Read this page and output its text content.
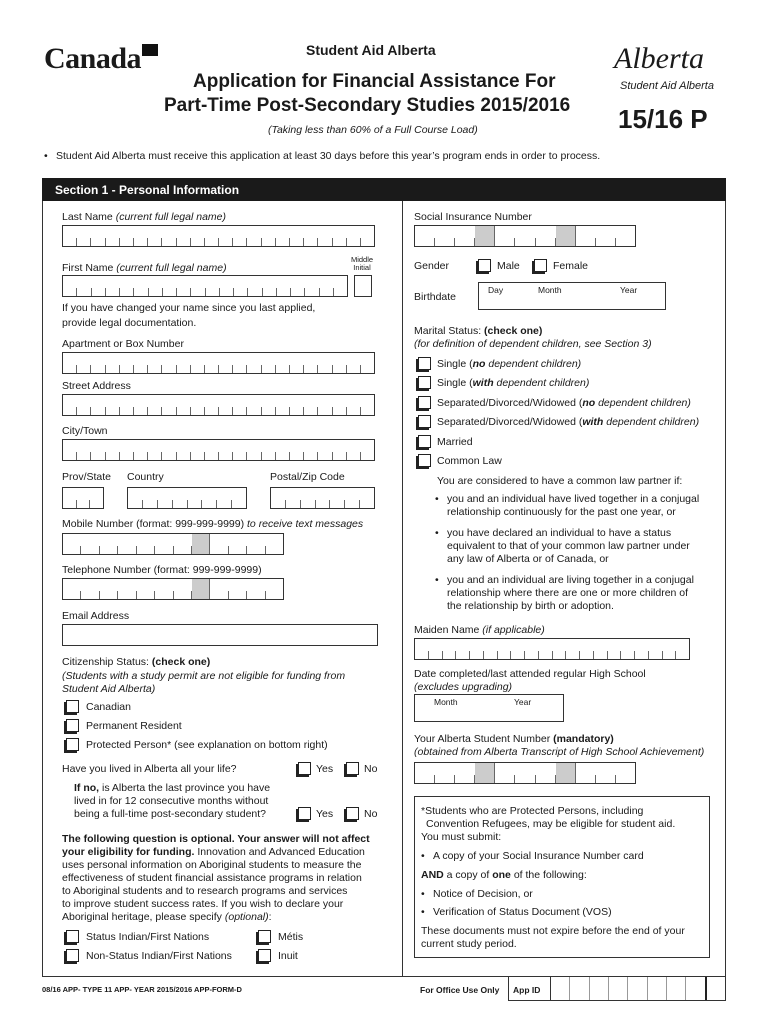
Canada	Student Aid Alberta
Application for Financial Assistance For
Part-Time Post-Secondary Studies 2015/2016
(Taking less than 60% of a Full Course Load)
Alberta
Student Aid Alberta
15/16 P
• Student Aid Alberta must receive this application at least 30 days before this year’s program ends in order to process.
Section 1 - Personal Information
Last Name (current full legal name)
First Name (current full legal name)
Middle
Initial
If you have changed your name since you last applied,
provide legal documentation.
Apartment or Box Number
Street Address
City/Town
Prov/State Country	Postal/Zip Code
Mobile Number (format: 999-999-9999) to receive text messages
Telephone Number (format: 999-999-9999)
Email Address
Citizenship Status: (check one)
(Students with a study permit are not eligible for funding from
Student Aid Alberta)
Canadian
Permanent Resident
Protected Person* (see explanation on bottom right)
Have you lived in Alberta all your life?	Yes	No
If no, is Alberta the last province you have
lived in for 12 consecutive months without
being a full-time post-secondary student?	Yes	No
The following question is optional. Your answer will not affect
your eligibility for funding. Innovation and Advanced Education
uses personal information on Aboriginal students to measure the
effectiveness of student financial assistance programs in relation
to Aboriginal students and to research programs and services
to improve student success rates. If you wish to declare your
Aboriginal heritage, please specify (optional):
Status Indian/First Nations	Métis
Non-Status Indian/First Nations	Inuit
Social Insurance Number
Gender	Male	Female
Birthdate
Day	Month	Year
Marital Status: (check one)
(for definition of dependent children, see Section 3)
Single (no dependent children)
Single (with dependent children)
Separated/Divorced/Widowed (no dependent children)
Separated/Divorced/Widowed (with dependent children)
Married
Common Law
You are considered to have a common law partner if:
• you and an individual have lived together in a conjugal
relationship continuously for the past one year, or
• you have declared an individual to have a status
equivalent to that of your common law partner under
any law of Alberta or of Canada, or
• you and an individual are living together in a conjugal
relationship where there are one or more children of
the relationship by birth or adoption.
Maiden Name (if applicable)
Date completed/last attended regular High School
(excludes upgrading)
Month	Year
Your Alberta Student Number (mandatory)
(obtained from Alberta Transcript of High School Achievement)
*Students who are Protected Persons, including
Convention Refugees, may be eligible for student aid.
You must submit:
• A copy of your Social Insurance Number card
AND a copy of one of the following:
• Notice of Decision, or
• Verification of Status Document (VOS)
These documents must not expire before the end of your
current study period.
08/16 APP- TYPE 11 APP- YEAR 2015/2016 APP-FORM-D	For Office Use Only App ID
